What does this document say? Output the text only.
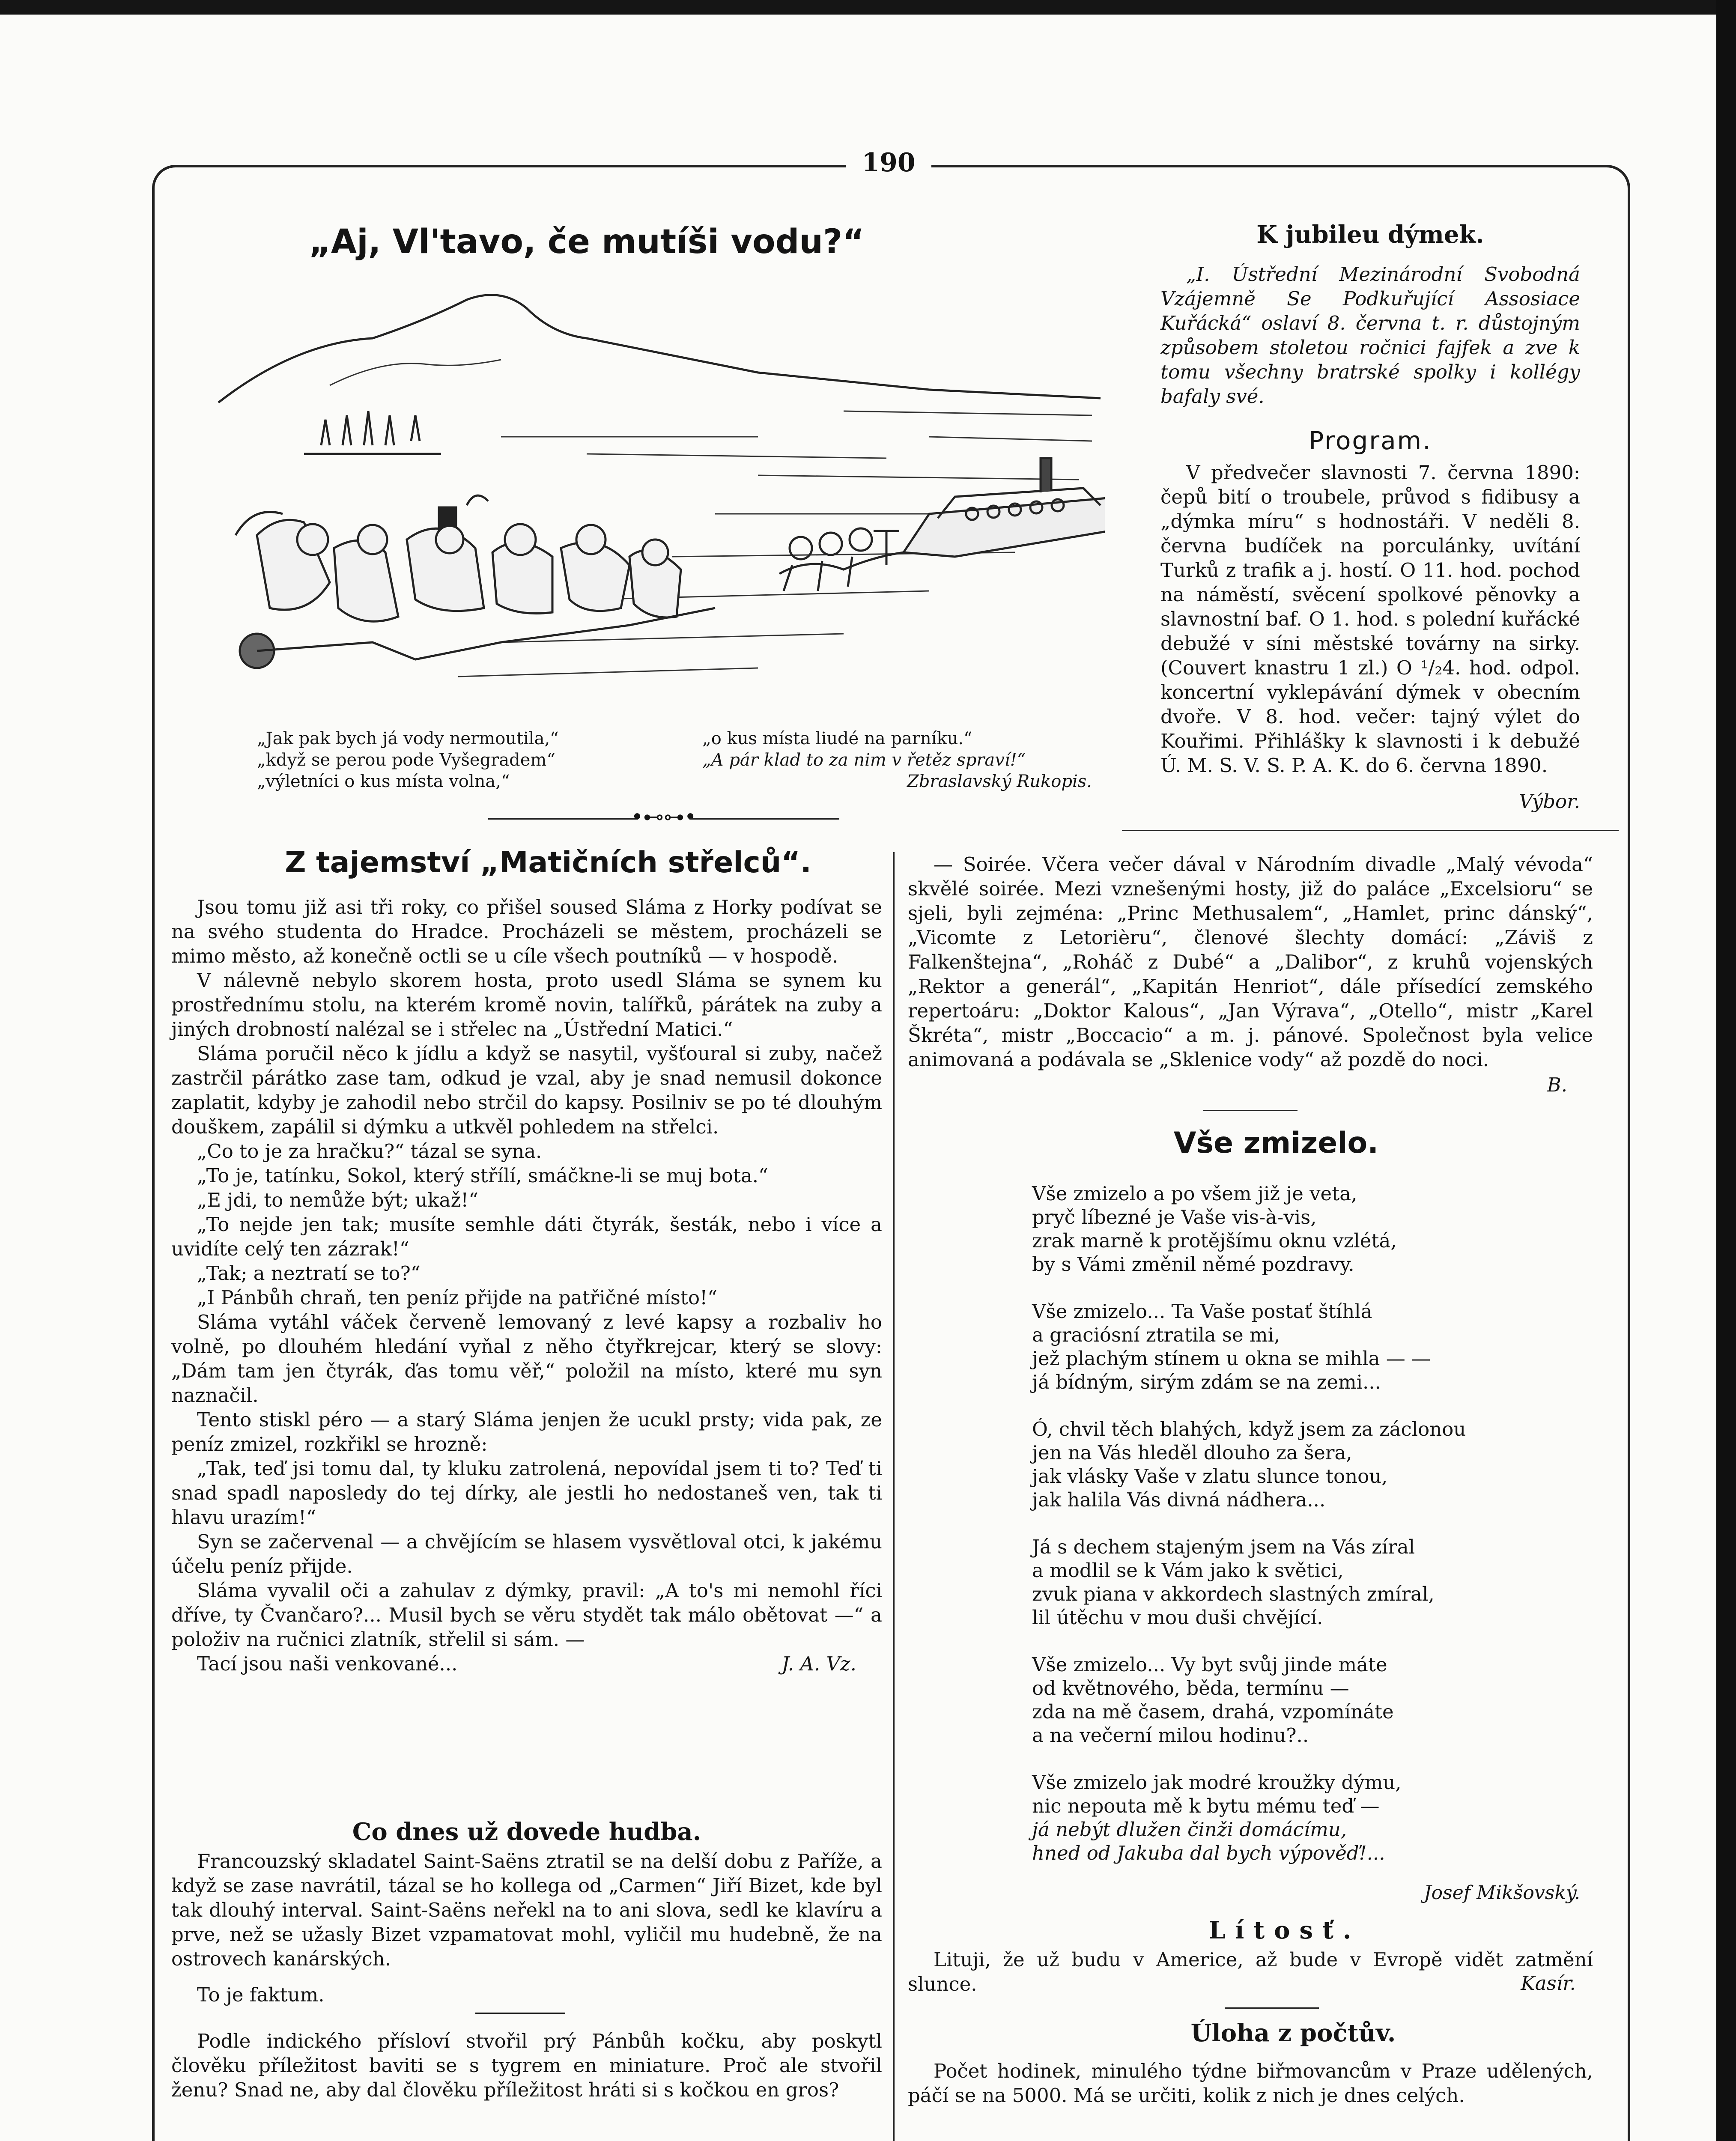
190
„Aj, Vl'tavo, če mutíši vodu?“
„Jak pak bych já vody nermoutila,“
„když se perou pode Vyšegradem“
„výletníci o kus místa volna,“
„o kus místa liudé na parníku.“
„A pár klad to za nim v řetěz spraví!“
Zbraslavský Rukopis.
•⊷⊶•
K jubileu dýmek.

„I. Ústřední Mezinárodní Svobodná Vzájemně Se Podkuřující Assosiace Kuřácká“ oslaví 8. června t. r. důstojným způsobem stoletou ročnici fajfek a zve k tomu všechny bratrské spolky i kollégy bafaly své.

Program.

V předvečer slavnosti 7. června 1890: čepů bití o troubele, průvod s fidibusy a „dýmka míru“ s hodnostáři. V neděli 8. června budíček na porculánky, uvítání Turků z trafik a j. hostí. O 11. hod. pochod na náměstí, svěcení spolkové pěnovky a slavnostní baf. O 1. hod. s polední kuřácké debužé v síni městské továrny na sirky. (Couvert knastru 1 zl.) O ¹/₂4. hod. odpol. koncertní vyklepávání dýmek v obecním dvoře. V 8. hod. večer: tajný výlet do Kouřimi. Přihlášky k slavnosti i k debužé Ú. M. S. V. S. P. A. K. do 6. června 1890.

Výbor.
Z tajemství „Matičních střelců“.

Jsou tomu již asi tři roky, co přišel soused Sláma z Horky podívat se na svého studenta do Hradce. Procházeli se městem, procházeli se mimo město, až konečně octli se u cíle všech poutníků — v hospodě.

V nálevně nebylo skorem hosta, proto usedl Sláma se synem ku prostřednímu stolu, na kterém kromě novin, talířků, párátek na zuby a jiných drobností nalézal se i střelec na „Ústřední Matici.“

Sláma poručil něco k jídlu a když se nasytil, vyšťoural si zuby, načež zastrčil párátko zase tam, odkud je vzal, aby je snad nemusil dokonce zaplatit, kdyby je zahodil nebo strčil do kapsy. Posilniv se po té dlouhým douškem, zapálil si dýmku a utkvěl pohledem na střelci.

„Co to je za hračku?“ tázal se syna.

„To je, tatínku, Sokol, který střílí, smáčkne-li se muj bota.“

„E jdi, to nemůže být; ukaž!“

„To nejde jen tak; musíte semhle dáti čtyrák, šesták, nebo i více a uvidíte celý ten zázrak!“

„Tak; a neztratí se to?“

„I Pánbůh chraň, ten peníz přijde na patřičné místo!“

Sláma vytáhl váček červeně lemovaný z levé kapsy a rozbaliv ho volně, po dlouhém hledání vyňal z něho čtyřkrejcar, který se slovy: „Dám tam jen čtyrák, ďas tomu věř,“ položil na místo, které mu syn naznačil.

Tento stiskl péro — a starý Sláma jenjen že ucukl prsty; vida pak, ze peníz zmizel, rozkřikl se hrozně:

„Tak, teď jsi tomu dal, ty kluku zatrolená, nepovídal jsem ti to? Teď ti snad spadl naposledy do tej dírky, ale jestli ho nedostaneš ven, tak ti hlavu urazím!“

Syn se začervenal — a chvějícím se hlasem vysvětloval otci, k jakému účelu peníz přijde.

Sláma vyvalil oči a zahulav z dýmky, pravil: „A to's mi nemohl říci dříve, ty Čvančaro?... Musil bych se věru stydět tak málo obětovat —“ a položiv na ručnici zlatník, střelil si sám. —

Tací jsou naši venkované...	J. A. Vz.
Co dnes už dovede hudba.

Francouzský skladatel Saint-Saëns ztratil se na delší dobu z Paříže, a když se zase navrátil, tázal se ho kollega od „Carmen“ Jiří Bizet, kde byl tak dlouhý interval. Saint-Saëns neřekl na to ani slova, sedl ke klavíru a prve, než se užasly Bizet vzpamatovat mohl, vyličil mu hudebně, že na ostrovech kanárských.

To je faktum.

Podle indického přísloví stvořil prý Pánbůh kočku, aby poskytl člověku příležitost baviti se s tygrem en miniature. Proč ale stvořil ženu? Snad ne, aby dal člověku příležitost hráti si s kočkou en gros?

— Soirée. Včera večer dával v Národním divadle „Malý vévoda“ skvělé soirée. Mezi vznešenými hosty, již do paláce „Excelsioru“ se sjeli, byli zejména: „Princ Methusalem“, „Hamlet, princ dánský“, „Vicomte z Letorièru“, členové šlechty domácí: „Záviš z Falkenštejna“, „Roháč z Dubé“ a „Dalibor“, z kruhů vojenských „Rektor a generál“, „Kapitán Henriot“, dále přísedící zemského repertoáru: „Doktor Kalous“, „Jan Výrava“, „Otello“, mistr „Karel Škréta“, mistr „Boccacio“ a m. j. pánové. Společnost byla velice animovaná a podávala se „Sklenice vody“ až pozdě do noci.

B.
Vše zmizelo.
Vše zmizelo a po všem již je veta,
pryč líbezné je Vaše vis-à-vis,
zrak marně k protějšímu oknu vzlétá,
by s Vámi změnil němé pozdravy.
Vše zmizelo... Ta Vaše postať štíhlá
a graciósní ztratila se mi,
jež plachým stínem u okna se mihla — —
já bídným, sirým zdám se na zemi...
Ó, chvil těch blahých, když jsem za záclonou
jen na Vás hleděl dlouho za šera,
jak vlásky Vaše v zlatu slunce tonou,
jak halila Vás divná nádhera...
Já s dechem stajeným jsem na Vás zíral
a modlil se k Vám jako k světici,
zvuk piana v akkordech slastných zmíral,
lil útěchu v mou duši chvějící.
Vše zmizelo... Vy byt svůj jinde máte
od květnového, běda, termínu —
zda na mě časem, drahá, vzpomínáte
a na večerní milou hodinu?..
Vše zmizelo jak modré kroužky dýmu,
nic nepouta mě k bytu mému teď —
já nebýt dlužen činži domácímu,
hned od Jakuba dal bych výpověď!...
Josef Mikšovský.
Lítosť.

Lituji, že už budu v Americe, až bude v Evropě vidět zatmění slunce.	Kasír.
Úloha z počtův.

Počet hodinek, minulého týdne biřmovancům v Praze udělených, páčí se na 5000. Má se určiti, kolik z nich je dnes celých.
